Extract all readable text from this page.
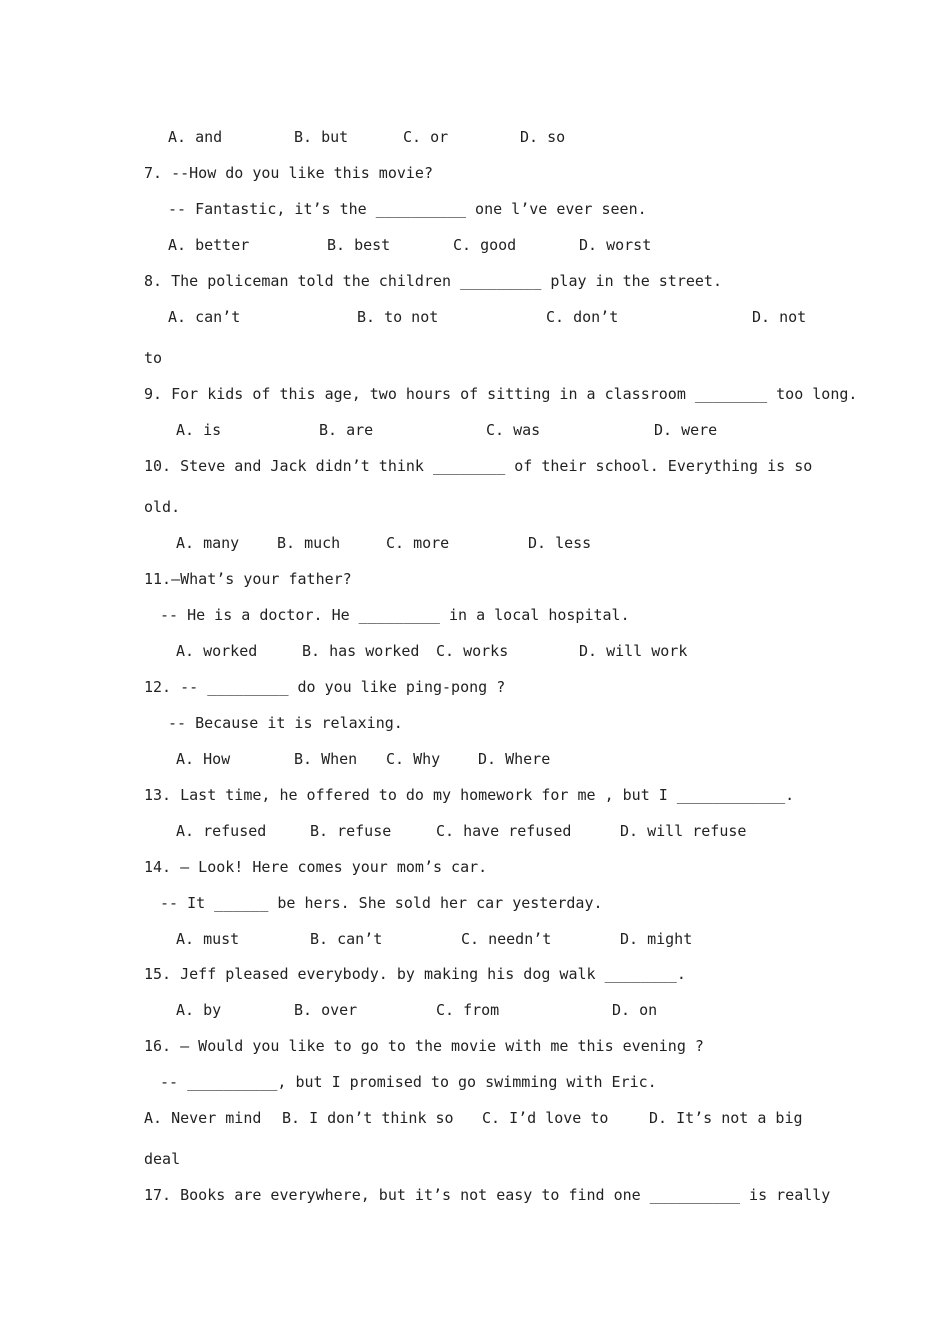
A. and	B. but	C. or	D. so
7. --How do you like this movie?
-- Fantastic, it’s the __________ one l’ve ever seen.
A. better	B. best	C. good	D. worst
8. The policeman told the children _________ play in the street.
A. can’t	B. to not	C. don’t	D. not
to
9. For kids of this age, two hours of sitting in a classroom ________ too long.
A. is	B. are	C. was	D. were
10. Steve and Jack didn’t think ________ of their school. Everything is so
old.
A. many	B. much	C. more	D. less
11.—What’s your father?
-- He is a doctor. He _________ in a local hospital.
A. worked	B. has worked C. works	D. will work
12. -- _________ do you like ping-pong ?
-- Because it is relaxing.
A. How	B. When C. Why	D. Where
13. Last time, he offered to do my homework for me , but I ____________.
A. refused	B. refuse	C. have refused	D. will refuse
14. – Look! Here comes your mom’s car.
-- It ______ be hers. She sold her car yesterday.
A. must	B. can’t	C. needn’t	D. might
15. Jeff pleased everybody. by making his dog walk ________.
A. by	B. over	C. from	D. on
16. – Would you like to go to the movie with me this evening ?
-- __________, but I promised to go swimming with Eric.
A. Never mind B. I don’t think so C. I’d love to	D. It’s not a big
deal
17. Books are everywhere, but it’s not easy to find one __________ is really
